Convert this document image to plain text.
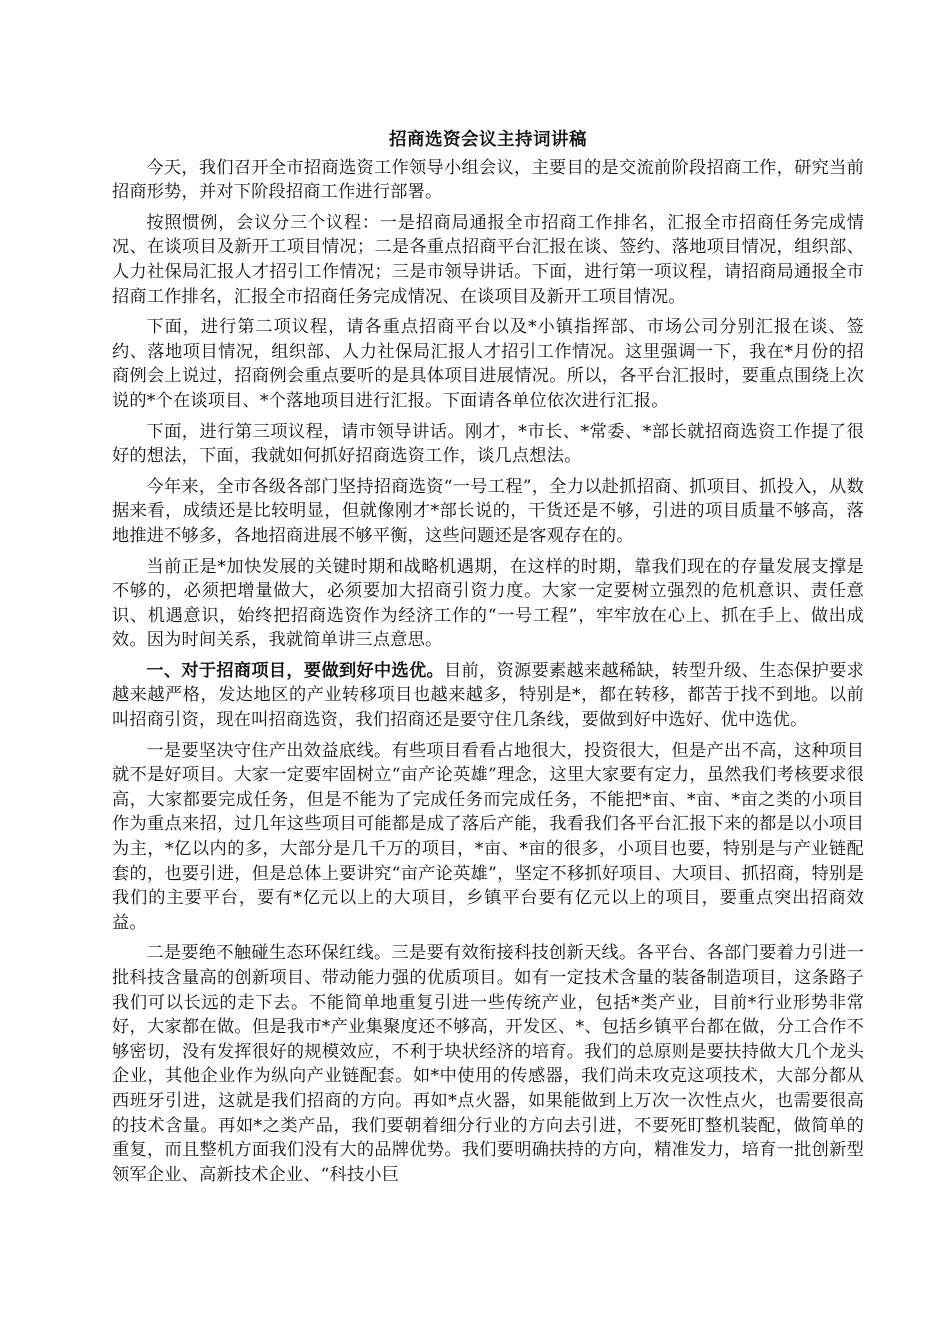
招商选资会议主持词讲稿

今天，我们召开全市招商选资工作领导小组会议，主要目的是交流前阶段招商工作，研究当前招商形势，并对下阶段招商工作进行部署。

按照惯例，会议分三个议程：一是招商局通报全市招商工作排名，汇报全市招商任务完成情况、在谈项目及新开工项目情况；二是各重点招商平台汇报在谈、签约、落地项目情况，组织部、人力社保局汇报人才招引工作情况；三是市领导讲话。下面，进行第一项议程，请招商局通报全市招商工作排名，汇报全市招商任务完成情况、在谈项目及新开工项目情况。

下面，进行第二项议程，请各重点招商平台以及*小镇指挥部、市场公司分别汇报在谈、签约、落地项目情况，组织部、人力社保局汇报人才招引工作情况。这里强调一下，我在*月份的招商例会上说过，招商例会重点要听的是具体项目进展情况。所以，各平台汇报时，要重点围绕上次说的*个在谈项目、*个落地项目进行汇报。下面请各单位依次进行汇报。

下面，进行第三项议程，请市领导讲话。刚才，*市长、*常委、*部长就招商选资工作提了很好的想法，下面，我就如何抓好招商选资工作，谈几点想法。

今年来，全市各级各部门坚持招商选资“一号工程”，全力以赴抓招商、抓项目、抓投入，从数据来看，成绩还是比较明显，但就像刚才*部长说的，干货还是不够，引进的项目质量不够高，落地推进不够多，各地招商进展不够平衡，这些问题还是客观存在的。

当前正是*加快发展的关键时期和战略机遇期，在这样的时期，靠我们现在的存量发展支撑是不够的，必须把增量做大，必须要加大招商引资力度。大家一定要树立强烈的危机意识、责任意识、机遇意识，始终把招商选资作为经济工作的“一号工程”，牢牢放在心上、抓在手上、做出成效。因为时间关系，我就简单讲三点意思。

一、对于招商项目，要做到好中选优。目前，资源要素越来越稀缺，转型升级、生态保护要求越来越严格，发达地区的产业转移项目也越来越多，特别是*，都在转移，都苦于找不到地。以前叫招商引资，现在叫招商选资，我们招商还是要守住几条线，要做到好中选好、优中选优。

一是要坚决守住产出效益底线。有些项目看看占地很大，投资很大，但是产出不高，这种项目就不是好项目。大家一定要牢固树立“亩产论英雄”理念，这里大家要有定力，虽然我们考核要求很高，大家都要完成任务，但是不能为了完成任务而完成任务，不能把*亩、*亩、*亩之类的小项目作为重点来招，过几年这些项目可能都是成了落后产能，我看我们各平台汇报下来的都是以小项目为主，*亿以内的多，大部分是几千万的项目，*亩、*亩的很多，小项目也要，特别是与产业链配套的，也要引进，但是总体上要讲究“亩产论英雄”，坚定不移抓好项目、大项目、抓招商，特别是我们的主要平台，要有*亿元以上的大项目，乡镇平台要有亿元以上的项目，要重点突出招商效益。

二是要绝不触碰生态环保红线。三是要有效衔接科技创新天线。各平台、各部门要着力引进一批科技含量高的创新项目、带动能力强的优质项目。如有一定技术含量的装备制造项目，这条路子我们可以长远的走下去。不能简单地重复引进一些传统产业，包括*类产业，目前*行业形势非常好，大家都在做。但是我市*产业集聚度还不够高，开发区、*、包括乡镇平台都在做，分工合作不够密切，没有发挥很好的规模效应，不利于块状经济的培育。我们的总原则是要扶持做大几个龙头企业，其他企业作为纵向产业链配套。如*中使用的传感器，我们尚未攻克这项技术，大部分都从西班牙引进，这就是我们招商的方向。再如*点火器，如果能做到上万次一次性点火，也需要很高的技术含量。再如*之类产品，我们要朝着细分行业的方向去引进，不要死盯整机装配，做简单的重复，而且整机方面我们没有大的品牌优势。我们要明确扶持的方向，精准发力，培育一批创新型领军企业、高新技术企业、“科技小巨
